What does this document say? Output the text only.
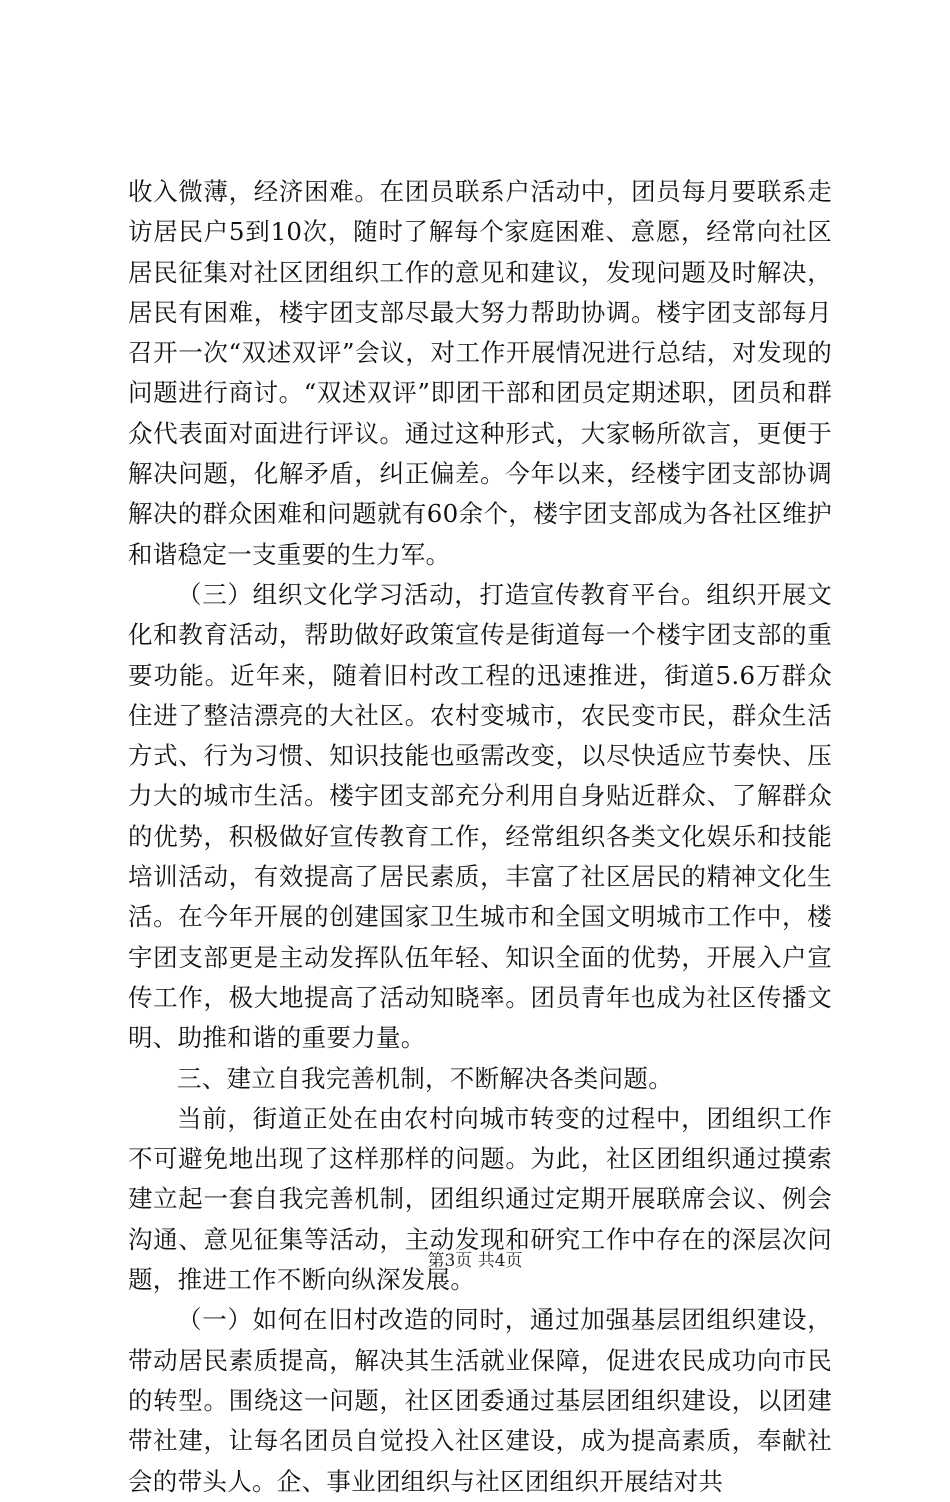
收入微薄，经济困难。在团员联系户活动中，团员每月要联系走访居民户5到10次，随时了解每个家庭困难、意愿，经常向社区居民征集对社区团组织工作的意见和建议，发现问题及时解决，居民有困难，楼宇团支部尽最大努力帮助协调。楼宇团支部每月召开一次“双述双评”会议，对工作开展情况进行总结，对发现的问题进行商讨。“双述双评”即团干部和团员定期述职，团员和群众代表面对面进行评议。通过这种形式，大家畅所欲言，更便于解决问题，化解矛盾，纠正偏差。今年以来，经楼宇团支部协调解决的群众困难和问题就有60余个，楼宇团支部成为各社区维护和谐稳定一支重要的生力军。

（三）组织文化学习活动，打造宣传教育平台。组织开展文化和教育活动，帮助做好政策宣传是街道每一个楼宇团支部的重要功能。近年来，随着旧村改工程的迅速推进，街道5.6万群众住进了整洁漂亮的大社区。农村变城市，农民变市民，群众生活方式、行为习惯、知识技能也亟需改变，以尽快适应节奏快、压力大的城市生活。楼宇团支部充分利用自身贴近群众、了解群众的优势，积极做好宣传教育工作，经常组织各类文化娱乐和技能培训活动，有效提高了居民素质，丰富了社区居民的精神文化生活。在今年开展的创建国家卫生城市和全国文明城市工作中，楼宇团支部更是主动发挥队伍年轻、知识全面的优势，开展入户宣传工作，极大地提高了活动知晓率。团员青年也成为社区传播文明、助推和谐的重要力量。

三、建立自我完善机制，不断解决各类问题。

当前，街道正处在由农村向城市转变的过程中，团组织工作不可避免地出现了这样那样的问题。为此，社区团组织通过摸索建立起一套自我完善机制，团组织通过定期开展联席会议、例会沟通、意见征集等活动，主动发现和研究工作中存在的深层次问题，推进工作不断向纵深发展。

（一）如何在旧村改造的同时，通过加强基层团组织建设，带动居民素质提高，解决其生活就业保障，促进农民成功向市民的转型。围绕这一问题，社区团委通过基层团组织建设，以团建带社建，让每名团员自觉投入社区建设，成为提高素质，奉献社会的带头人。企、事业团组织与社区团组织开展结对共

第3页 共4页
